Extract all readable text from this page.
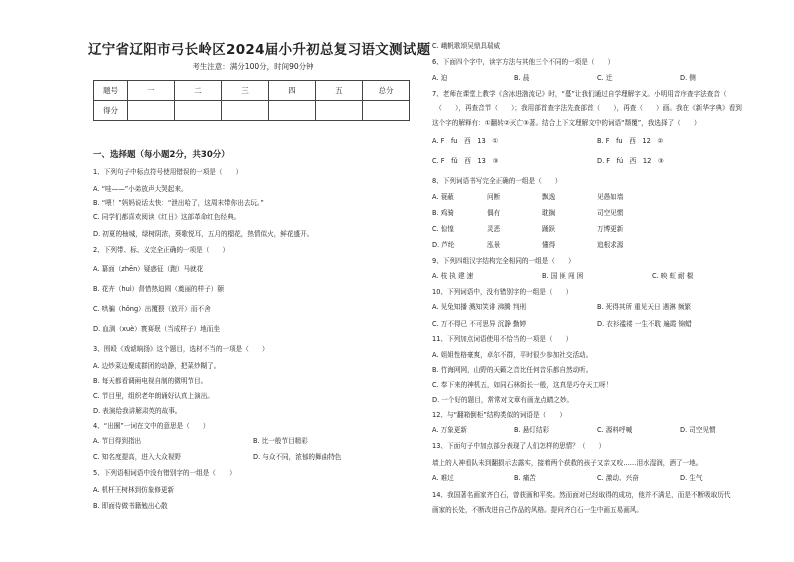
辽宁省辽阳市弓长岭区2024届小升初总复习语文测试题
考生注意：满分100分，时间90分钟
题号	一	二	三	四	五	总分
得分						
一、选择题（每小题2分，共30分）
1、下列句子中标点符号使用错误的一项是（　　）
A. “哇——”小弟放声大哭起来。
B. “喂！”妈妈说话太快：“泄出哈了，这周末带你出去玩。”
C. 同学们都喜欢阅读《红日》这部革命红色经典。
D. 初夏的柚城，绿树阴浓，葵歌悦耳，五月的榴花，热情似火，鲜花盛开。
2、下列带、标、义完全正确的一项是（　　）
A. 纂面（zhēn）疑惑征（跑）马就花
B. 花卉（huì）督惜热迫圆（奠丽的样子）颐
C. 哄骗（hǒng）出覆猥（放开）而不舍
D. 血淌（xuè）寰赛珉（当成样子）地而坐
3、围殴《戏谑晌扬》这个题目，选材不当的一项是（　　）
A. 边炒菜边聚成群团的动静，把菜炒糊了。
B. 每天都看调兩电视自制的微明节目。
C. 节目里，组织老年朗诵好认真上演出。
D. 表演给我讲解肃英的故事。
4、“出圈”一词在文中的意思是（　　）
A. 节目得到指出	B. 比一般节目精彩
C. 知名度提高，进入大众视野	D. 与众不同，浓郁的舞曲特色
5、下列语相词语中没有错别字的一组是（　　）
A. 机杆王树林到仿象修更新
B. 即面侍做书籍勉出心散
C. 峨帆歌颂吴鼎具瑞威
6、下面四个字中，读字方法与其他三个不同的一项是（　　）
A. 迫	B. 晨	C. 迁	D. 侧
7、老师在课堂上教学《含冰进渤流记》时，“蔓”让我们通过自学理解字义。小明用音序查字法查音（
　（　　），再查音节（　　）；我用部首查字法先查部首（　　），再查（　　）画。我在《新华字典》看到
这个字的解释有：①翻转②灭亡③著。结合上下文理解文中的词语“颓覆”，我选择了（　　）
A. F　fu　西　13　①	B. F　fu　西　12　②
C. F　fǔ　西　13　③	D. F　fú　西　12　③
8、下列词语书写完全正确的一组是（　　）
A. 蓑蔽	问断	飘逸	见愚如墙
B. 鸡骑	偶有	耽搁	司空见惯
C. 惊惶	灵恶	踊跃	万博更新
D. 芦纶	泓景	懂得	追根求源
9、下列四组汉字结构完全相同的一组是（　　）
A. 枝 执 建 速	B. 国 匪 闯 困	C. 映 虹 耐 椒
10、下列词语中，没有错别字的一组是（　　）
A. 见兔知播 溅知笑诽 沸腾 判刑	B. 死得其所 重见天日 遇淋 频繁
C. 万不得已 不可思异 沉静 勤婷	D. 衣衫褴褛 一生不耽 遍霞 锦蜡
11、下列加点词语使用不恰当的一项是（　　）
A. 姐姐性格豪爽，卓尔不群，平时很少参加社交活动。
B. 竹海网网，山野的天籁之音比任何音乐都自然动听。
C. 奉下来的神机五，如同石林街长一般，这真是巧夺天工呀！
D. 一个好的题目，常常对文章有画龙点睛之妙。
12、与“翻箱倒柜”结构类似的词语是（　　）
A. 万象更新	B. 悬灯结彩	C. 源料呼喊	D. 司空见惯
13、下面句子中加点部分表现了人们怎样的思情？（　　）
墙上的人神看队未到翻损示去露实，接着两个获救的孩子又亲又咬……泪水湿润，酒了一地。
A. 难过	B. 痛苦	C. 激动、兴奋	D. 生气
14、我国著名画家齐白石，曾获画和平奖。然而面对已经取得的成功，他并不满足，而是不断吸取历代
画家的长处，不断改进自己作品的风格。提问齐白石一生中画五易画风。
